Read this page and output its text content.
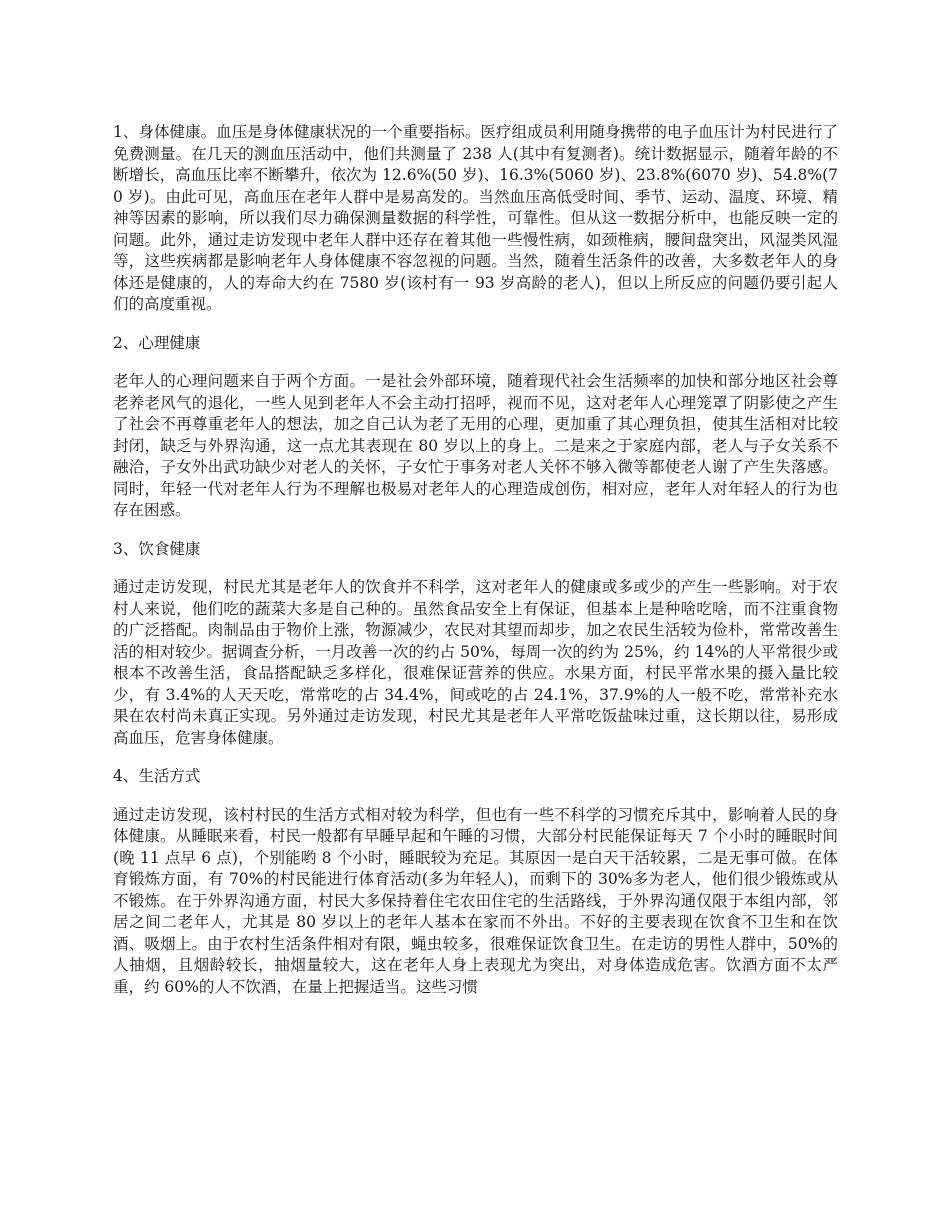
1、身体健康。血压是身体健康状况的一个重要指标。医疗组成员利用随身携带的电子血压计为村民进行了免费测量。在几天的测血压活动中，他们共测量了 238 人(其中有复测者)。统计数据显示，随着年龄的不断增长，高血压比率不断攀升，依次为 12.6%(50 岁)、16.3%(5060 岁)、23.8%(6070 岁)、54.8%(70 岁)。由此可见，高血压在老年人群中是易高发的。当然血压高低受时间、季节、运动、温度、环境、精神等因素的影响，所以我们尽力确保测量数据的科学性，可靠性。但从这一数据分析中，也能反映一定的问题。此外，通过走访发现中老年人群中还存在着其他一些慢性病，如颈椎病，腰间盘突出，风湿类风湿等，这些疾病都是影响老年人身体健康不容忽视的问题。当然，随着生活条件的改善，大多数老年人的身体还是健康的，人的寿命大约在 7580 岁(该村有一 93 岁高龄的老人)，但以上所反应的问题仍要引起人们的高度重视。

2、心理健康

老年人的心理问题来自于两个方面。一是社会外部环境，随着现代社会生活频率的加快和部分地区社会尊老养老风气的退化，一些人见到老年人不会主动打招呼，视而不见，这对老年人心理笼罩了阴影使之产生了社会不再尊重老年人的想法，加之自己认为老了无用的心理，更加重了其心理负担，使其生活相对比较封闭，缺乏与外界沟通，这一点尤其表现在 80 岁以上的身上。二是来之于家庭内部，老人与子女关系不融洽，子女外出武功缺少对老人的关怀，子女忙于事务对老人关怀不够入微等都使老人谢了产生失落感。同时，年轻一代对老年人行为不理解也极易对老年人的心理造成创伤，相对应，老年人对年轻人的行为也存在困惑。

3、饮食健康

通过走访发现，村民尤其是老年人的饮食并不科学，这对老年人的健康或多或少的产生一些影响。对于农村人来说，他们吃的蔬菜大多是自己种的。虽然食品安全上有保证，但基本上是种啥吃啥，而不注重食物的广泛搭配。肉制品由于物价上涨，物源减少，农民对其望而却步，加之农民生活较为俭朴，常常改善生活的相对较少。据调查分析，一月改善一次的约占 50%，每周一次的约为 25%，约 14%的人平常很少或根本不改善生活，食品搭配缺乏多样化，很难保证营养的供应。水果方面，村民平常水果的摄入量比较少，有 3.4%的人天天吃，常常吃的占 34.4%，间或吃的占 24.1%，37.9%的人一般不吃，常常补充水果在农村尚未真正实现。另外通过走访发现，村民尤其是老年人平常吃饭盐味过重，这长期以往，易形成高血压，危害身体健康。

4、生活方式

通过走访发现，该村村民的生活方式相对较为科学，但也有一些不科学的习惯充斥其中，影响着人民的身体健康。从睡眠来看，村民一般都有早睡早起和午睡的习惯，大部分村民能保证每天 7 个小时的睡眠时间(晚 11 点早 6 点)，个别能哟 8 个小时，睡眠较为充足。其原因一是白天干活较累，二是无事可做。在体育锻炼方面，有 70%的村民能进行体育活动(多为年轻人)，而剩下的 30%多为老人，他们很少锻炼或从不锻炼。在于外界沟通方面，村民大多保持着住宅农田住宅的生活路线，于外界沟通仅限于本组内部，邻居之间二老年人，尤其是 80 岁以上的老年人基本在家而不外出。不好的主要表现在饮食不卫生和在饮酒、吸烟上。由于农村生活条件相对有限，蝇虫较多，很难保证饮食卫生。在走访的男性人群中，50%的人抽烟，且烟龄较长，抽烟量较大，这在老年人身上表现尤为突出，对身体造成危害。饮酒方面不太严重，约 60%的人不饮酒，在量上把握适当。这些习惯
